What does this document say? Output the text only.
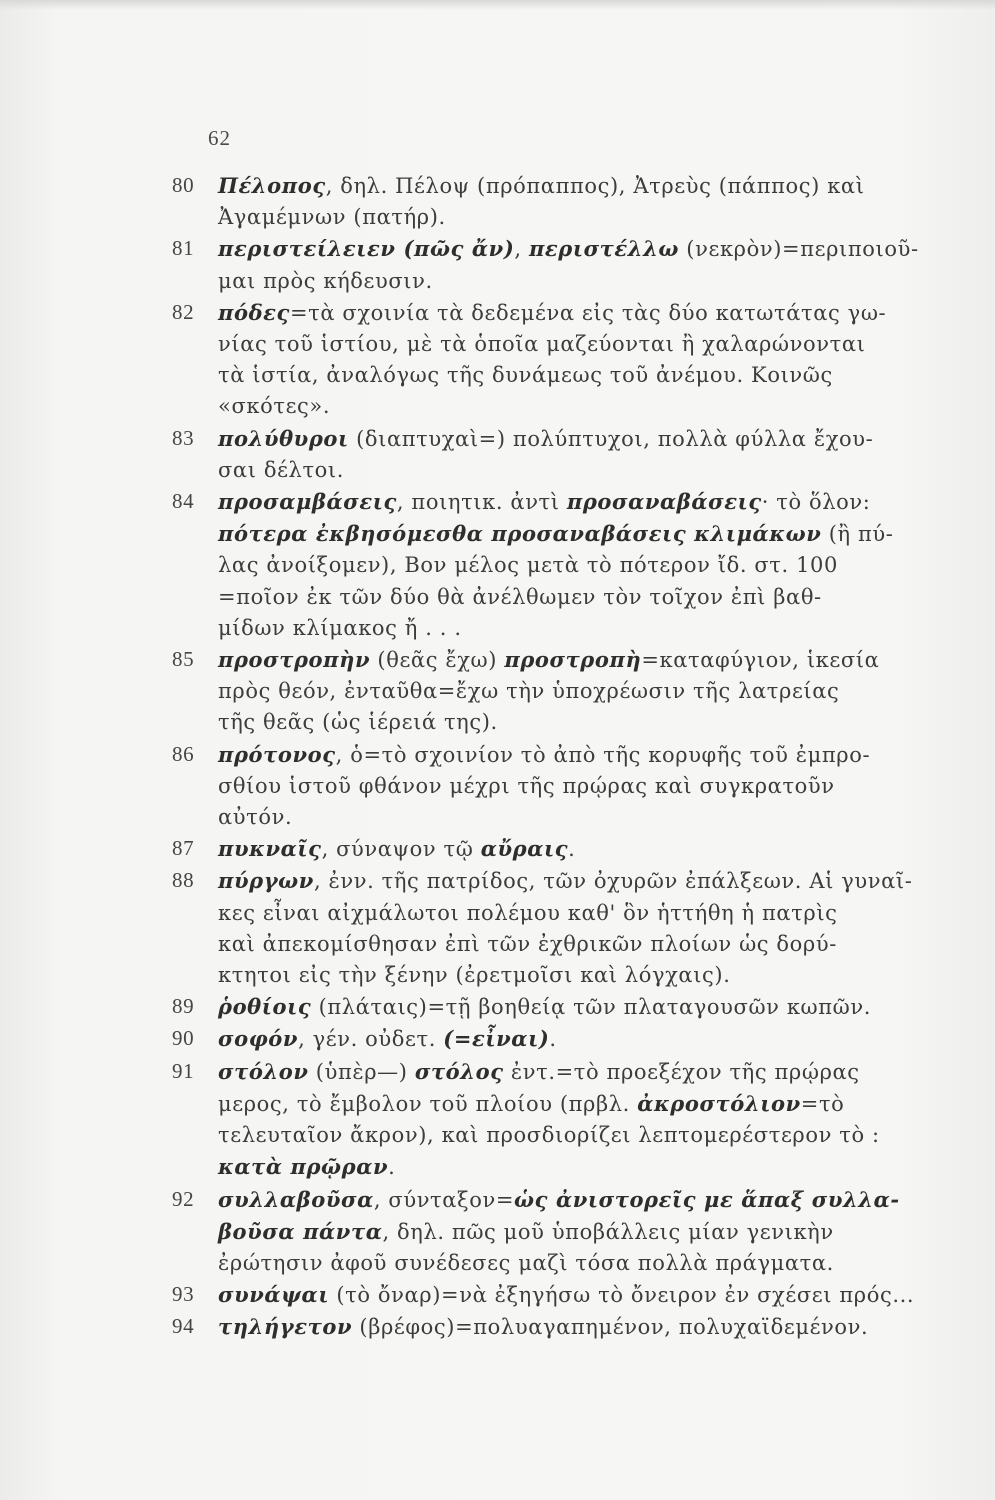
62
80 Πέλοπος, δηλ. Πέλοψ (πρόπαππος), Ἀτρεὺς (πάππος) καὶ
Ἀγαμέμνων (πατήρ).
81 περιστείλειεν (πῶς ἄν), περιστέλλω (νεκρὸν)=περιποιοῦ-
μαι πρὸς κήδευσιν.
82 πόδες=τὰ σχοινία τὰ δεδεμένα εἰς τὰς δύο κατωτάτας γω-
νίας τοῦ ἱστίου, μὲ τὰ ὁποῖα μαζεύονται ἢ χαλαρώνονται
τὰ ἱστία, ἀναλόγως τῆς δυνάμεως τοῦ ἀνέμου. Κοινῶς
«σκότες».
83 πολύθυροι (διαπτυχαὶ=) πολύπτυχοι, πολλὰ φύλλα ἔχου-
σαι δέλτοι.
84 προσαμβάσεις, ποιητικ. ἀντὶ προσαναβάσεις· τὸ ὅλον:
πότερα ἐκβησόμεσθα προσαναβάσεις κλιμάκων (ἢ πύ-
λας ἀνοίξομεν), Βον μέλος μετὰ τὸ πότερον ἴδ. στ. 100
=ποῖον ἐκ τῶν δύο θὰ ἀνέλθωμεν τὸν τοῖχον ἐπὶ βαθ-
μίδων κλίμακος ἤ . . .
85 προστροπὴν (θεᾶς ἔχω) προστροπὴ=καταφύγιον, ἱκεσία
πρὸς θεόν, ἐνταῦθα=ἔχω τὴν ὑποχρέωσιν τῆς λατρείας
τῆς θεᾶς (ὡς ἱέρειά της).
86 πρότονος, ὁ=τὸ σχοινίον τὸ ἀπὸ τῆς κορυφῆς τοῦ ἐμπρο-
σθίου ἱστοῦ φθάνον μέχρι τῆς πρῴρας καὶ συγκρατοῦν
αὐτόν.
87 πυκναῖς, σύναψον τῷ αὔραις.
88 πύργων, ἐνν. τῆς πατρίδος, τῶν ὀχυρῶν ἐπάλξεων. Αἱ γυναῖ-
κες εἶναι αἰχμάλωτοι πολέμου καθ' ὃν ἡττήθη ἡ πατρὶς
καὶ ἀπεκομίσθησαν ἐπὶ τῶν ἐχθρικῶν πλοίων ὡς δορύ-
κτητοι εἰς τὴν ξένην (ἐρετμοῖσι καὶ λόγχαις).
89 ῥοθίοις (πλάταις)=τῇ βοηθείᾳ τῶν πλαταγουσῶν κωπῶν.
90 σοφόν, γέν. οὐδετ. (=εἶναι).
91 στόλον (ὑπὲρ—) στόλος ἐντ.=τὸ προεξέχον τῆς πρῴρας
μερος, τὸ ἔμβολον τοῦ πλοίου (πρβλ. ἀκροστόλιον=τὸ
τελευταῖον ἄκρον), καὶ προσδιορίζει λεπτομερέστερον τὸ :
κατὰ πρῷραν.
92 συλλαβοῦσα, σύνταξον=ὡς ἀνιστορεῖς με ἅπαξ συλλα-
βοῦσα πάντα, δηλ. πῶς μοῦ ὑποβάλλεις μίαν γενικὴν
ἐρώτησιν ἀφοῦ συνέδεσες μαζὶ τόσα πολλὰ πράγματα.
93 συνάψαι (τὸ ὄναρ)=νὰ ἐξηγήσω τὸ ὄνειρον ἐν σχέσει πρός...
94 τηλήγετον (βρέφος)=πολυαγαπημένον, πολυχαϊδεμένον.
